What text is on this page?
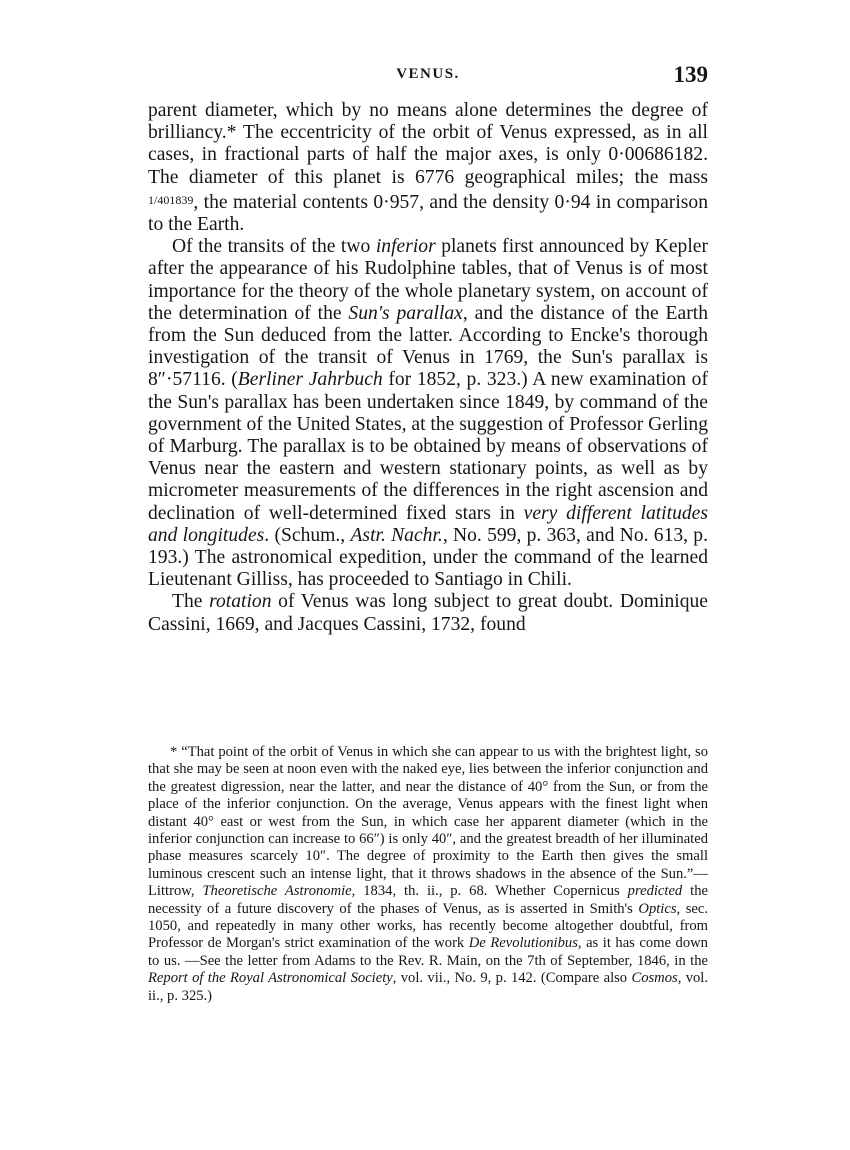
VENUS.	139

parent diameter, which by no means alone determines the degree of brilliancy.* The eccentricity of the orbit of Venus expressed, as in all cases, in fractional parts of half the major axes, is only 0·00686182. The diameter of this planet is 6776 geographical miles; the mass $^{1/401839}$, the material contents 0·957, and the density 0·94 in comparison to the Earth.

Of the transits of the two inferior planets first announced by Kepler after the appearance of his Rudolphine tables, that of Venus is of most importance for the theory of the whole planetary system, on account of the determination of the Sun's parallax, and the distance of the Earth from the Sun deduced from the latter. According to Encke's thorough investigation of the transit of Venus in 1769, the Sun's parallax is 8″·57116. (Berliner Jahrbuch for 1852, p. 323.) A new examination of the Sun's parallax has been undertaken since 1849, by command of the government of the United States, at the suggestion of Professor Gerling of Marburg. The parallax is to be obtained by means of observations of Venus near the eastern and western stationary points, as well as by micrometer measurements of the differences in the right ascension and declination of well-determined fixed stars in very different latitudes and longitudes. (Schum., Astr. Nachr., No. 599, p. 363, and No. 613, p. 193.) The astronomical expedition, under the command of the learned Lieutenant Gilliss, has proceeded to Santiago in Chili.

The rotation of Venus was long subject to great doubt. Dominique Cassini, 1669, and Jacques Cassini, 1732, found

* “That point of the orbit of Venus in which she can appear to us with the brightest light, so that she may be seen at noon even with the naked eye, lies between the inferior conjunction and the greatest digression, near the latter, and near the distance of 40° from the Sun, or from the place of the inferior conjunction. On the average, Venus appears with the finest light when distant 40° east or west from the Sun, in which case her apparent diameter (which in the inferior conjunction can increase to 66″) is only 40″, and the greatest breadth of her illuminated phase measures scarcely 10″. The degree of proximity to the Earth then gives the small luminous crescent such an intense light, that it throws shadows in the absence of the Sun.”—Littrow, Theoretische Astronomie, 1834, th. ii., p. 68. Whether Copernicus predicted the necessity of a future discovery of the phases of Venus, as is asserted in Smith's Optics, sec. 1050, and repeatedly in many other works, has recently become altogether doubtful, from Professor de Morgan's strict examination of the work De Revolutionibus, as it has come down to us. —See the letter from Adams to the Rev. R. Main, on the 7th of September, 1846, in the Report of the Royal Astronomical Society, vol. vii., No. 9, p. 142. (Compare also Cosmos, vol. ii., p. 325.)
